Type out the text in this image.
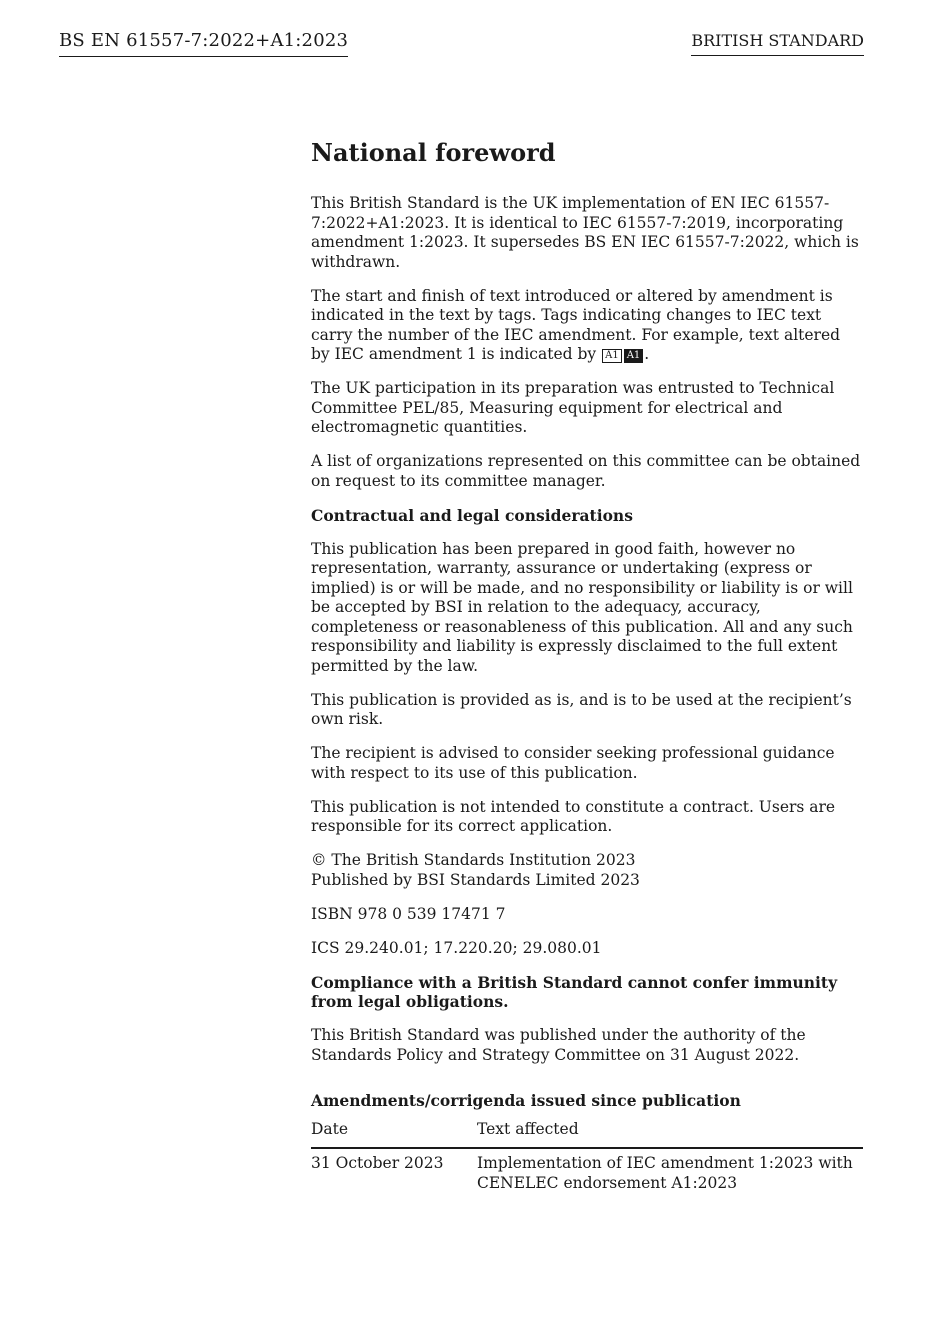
BS EN 61557-7:2022+A1:2023	BRITISH STANDARD
National foreword

This British Standard is the UK implementation of EN IEC 61557-7:2022+A1:2023. It is identical to IEC 61557-7:2019, incorporating amendment 1:2023. It supersedes BS EN IEC 61557-7:2022, which is withdrawn.

The start and finish of text introduced or altered by amendment is indicated in the text by tags. Tags indicating changes to IEC text carry the number of the IEC amendment. For example, text altered by IEC amendment 1 is indicated by A1 A1 .

The UK participation in its preparation was entrusted to Technical Committee PEL/85, Measuring equipment for electrical and electromagnetic quantities.

A list of organizations represented on this committee can be obtained on request to its committee manager.

Contractual and legal considerations

This publication has been prepared in good faith, however no representation, warranty, assurance or undertaking (express or implied) is or will be made, and no responsibility or liability is or will be accepted by BSI in relation to the adequacy, accuracy, completeness or reasonableness of this publication. All and any such responsibility and liability is expressly disclaimed to the full extent permitted by the law.

This publication is provided as is, and is to be used at the recipient’s own risk.

The recipient is advised to consider seeking professional guidance with respect to its use of this publication.

This publication is not intended to constitute a contract. Users are responsible for its correct application.

© The British Standards Institution 2023
Published by BSI Standards Limited 2023

ISBN 978 0 539 17471 7

ICS 29.240.01; 17.220.20; 29.080.01

Compliance with a British Standard cannot confer immunity from legal obligations.

This British Standard was published under the authority of the Standards Policy and Strategy Committee on 31 August 2022.

Amendments/corrigenda issued since publication
Date	Text affected
31 October 2023	Implementation of IEC amendment 1:2023 with CENELEC endorsement A1:2023
